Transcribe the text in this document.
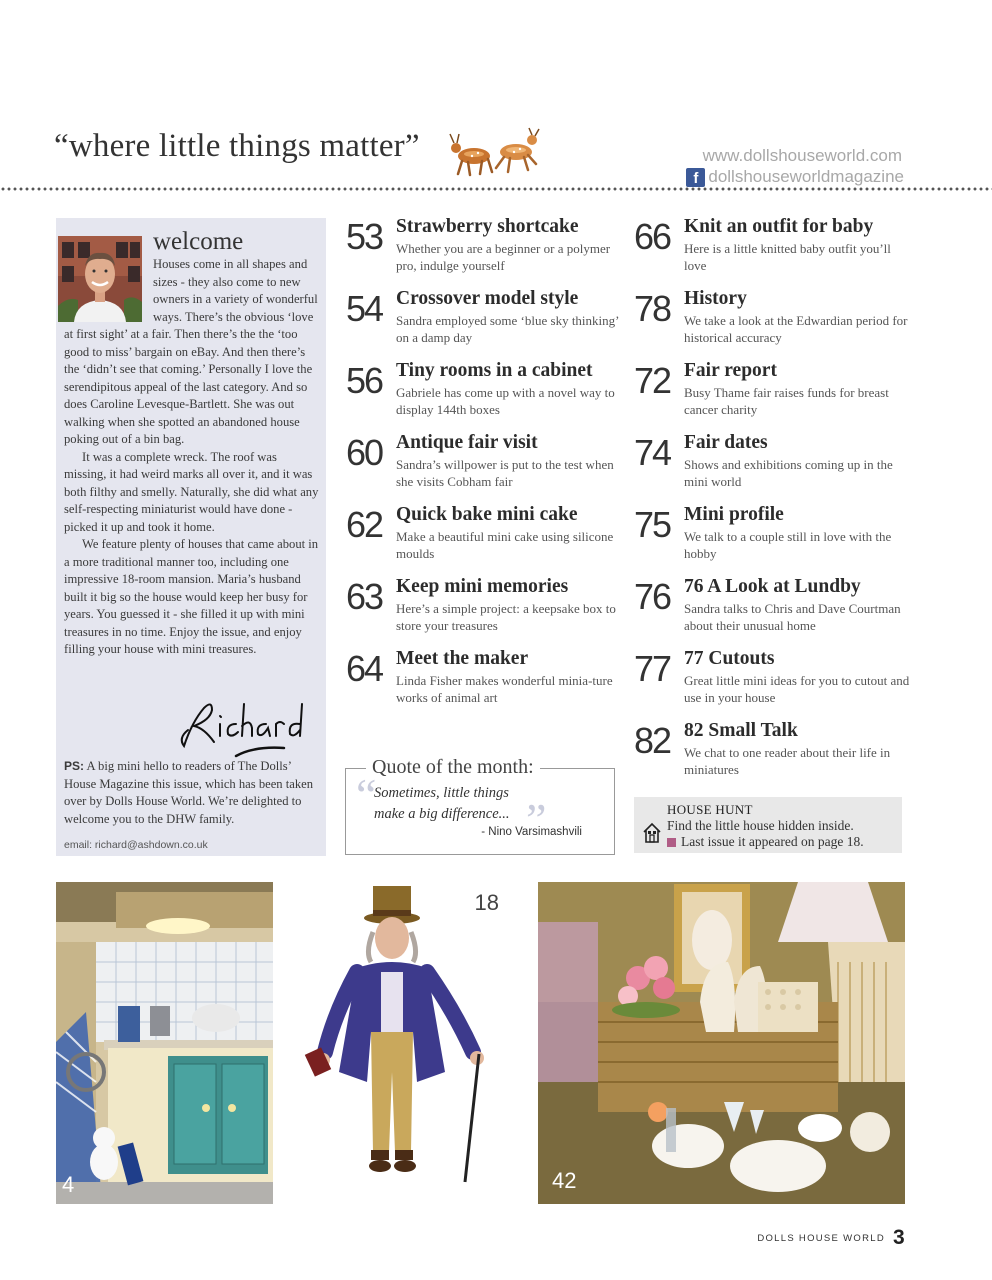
“where little things matter”	www.dollshouseworld.com
f dollshouseworldmagazine
welcome

Houses come in all shapes and sizes - they also come to new owners in a variety of wonderful ways. There’s the obvious ‘love at first sight’ at a fair. Then there’s the the ‘too good to miss’ bargain on eBay. And then there’s the ‘didn’t see that coming.’ Personally I love the serendipitous appeal of the last category. And so does Caroline Levesque-Bartlett. She was out walking when she spotted an abandoned house poking out of a bin bag.

It was a complete wreck. The roof was missing, it had weird marks all over it, and it was both filthy and smelly. Naturally, she did what any self-respecting miniaturist would have done - picked it up and took it home.

We feature plenty of houses that came about in a more traditional manner too, including one impressive 18-room mansion. Maria’s husband built it big so the house would keep her busy for years. You guessed it - she filled it up with mini treasures in no time. Enjoy the issue, and enjoy filling your house with mini treasures.

PS: A big mini hello to readers of The Dolls’ House Magazine this issue, which has been taken over by Dolls House World. We’re delighted to welcome you to the DHW family.
email: richard@ashdown.co.uk
53 Strawberry shortcake
Whether you are a beginner or a polymer pro, indulge yourself
54 Crossover model style
Sandra employed some ‘blue sky thinking’ on a damp day
56 Tiny rooms in a cabinet
Gabriele has come up with a novel way to display 144th boxes
60 Antique fair visit
Sandra’s willpower is put to the test when she visits Cobham fair
62 Quick bake mini cake
Make a beautiful mini cake using silicone moulds
63 Keep mini memories
Here’s a simple project: a keepsake box to store your treasures
64 Meet the maker
Linda Fisher makes wonderful minia-ture works of animal art
66 Knit an outfit for baby
Here is a little knitted baby outfit you’ll love
78 History
We take a look at the Edwardian period for historical accuracy
72 Fair report
Busy Thame fair raises funds for breast cancer charity
74 Fair dates
Shows and exhibitions coming up in the mini world
75 Mini profile
We talk to a couple still in love with the hobby
76 76 A Look at Lundby
Sandra talks to Chris and Dave Courtman about their unusual home
77 77 Cutouts
Great little mini ideas for you to cutout and use in your house
82 82 Small Talk
We chat to one reader about their life in miniatures
Quote of the month:
“
Sometimes, little things
make a big difference... ”
- Nino Varsimashvili
HOUSE HUNT
Find the little house hidden inside.
Last issue it appeared on page 18.
4
18
42
DOLLS HOUSE WORLD 3
